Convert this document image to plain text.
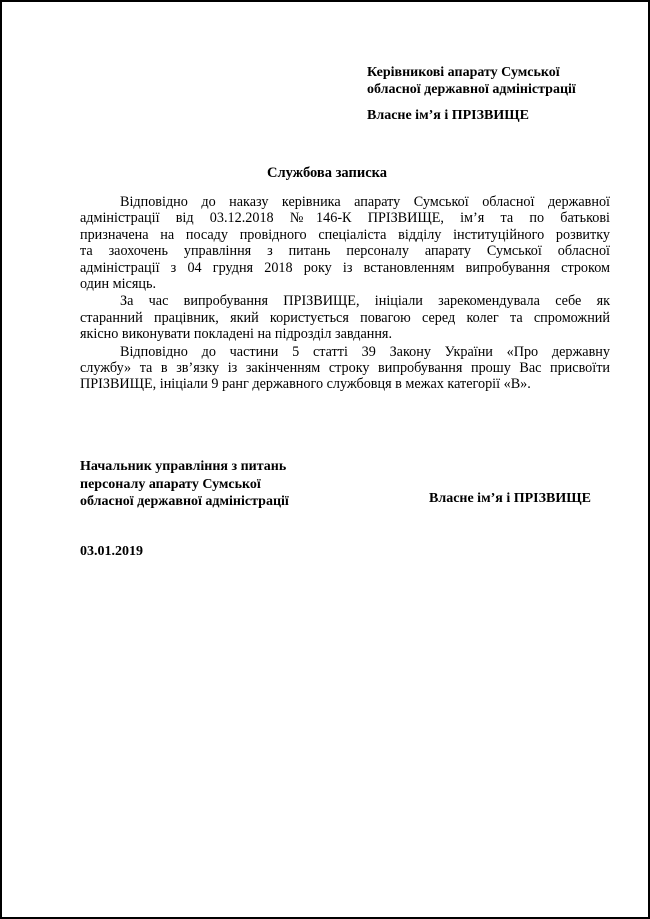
Керівникові апарату Сумської
обласної державної адміністрації
Власне ім’я і ПРІЗВИЩЕ
Службова записка
Відповідно до наказу керівника апарату Сумської обласної державної
адміністрації від 03.12.2018 №146-К ПРІЗВИЩЕ, ім’я та по батькові
призначена на посаду провідного спеціаліста відділу інституційного розвитку
та заохочень управління з питань персоналу апарату Сумської обласної
адміністрації з 04 грудня 2018 року із встановленням випробування строком
один місяць.
За час випробування ПРІЗВИЩЕ, ініціали зарекомендувала себе як
старанний працівник, який користується повагою серед колег та спроможний
якісно виконувати покладені на підрозділ завдання.
Відповідно до частини 5 статті 39 Закону України «Про державну
службу» та в зв’язку із закінченням строку випробування прошу Вас присвоїти
ПРІЗВИЩЕ, ініціали 9 ранг державного службовця в межах категорії «В».
Начальник управління з питань
персоналу апарату Сумської
обласної державної адміністрації	Власне ім’я і ПРІЗВИЩЕ
03.01.2019
